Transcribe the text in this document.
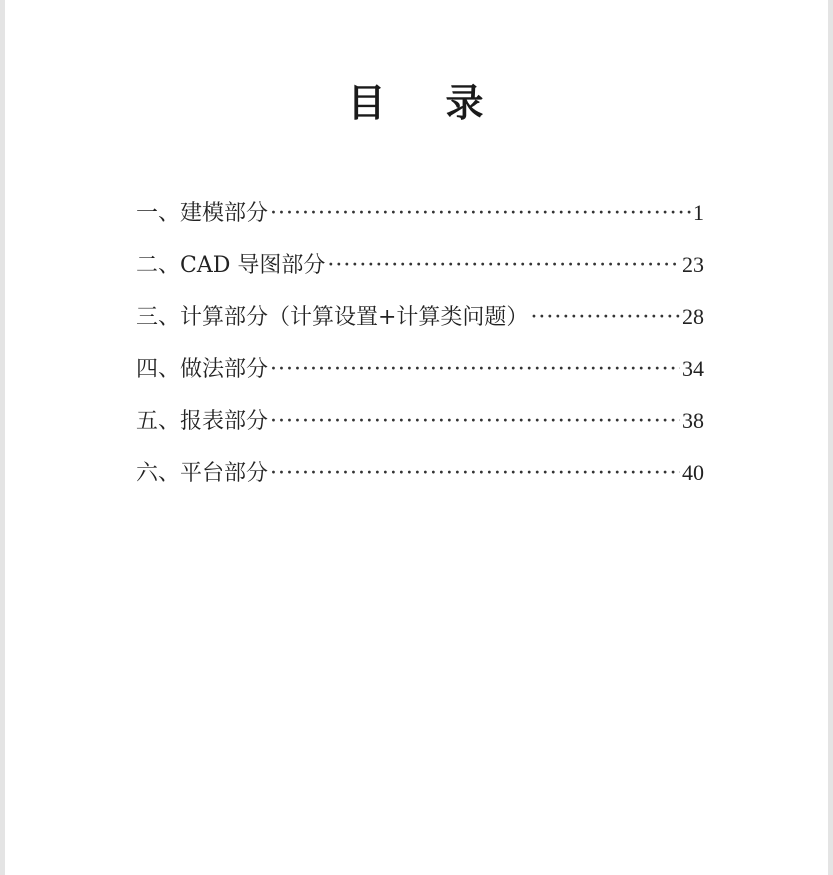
目 录
一、建模部分 ·····	1
二、CAD 导图部分 ·····	23
三、计算部分（计算设置+计算类问题） ·····	28
四、做法部分 ·····	34
五、报表部分 ·····	38
六、平台部分 ·····	40
